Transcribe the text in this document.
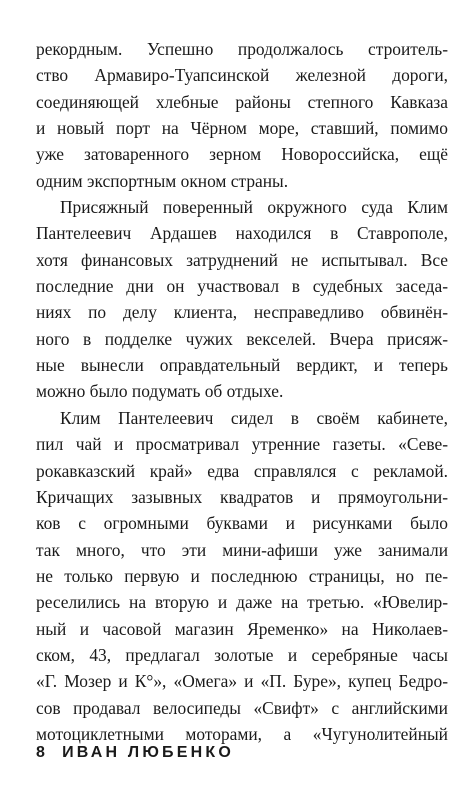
рекордным. Успешно продолжалось строитель-
ство Армавиро-Туапсинской железной дороги,
соединяющей хлебные районы степного Кавказа
и новый порт на Чёрном море, ставший, помимо
уже затоваренного зерном Новороссийска, ещё
одним экспортным окном страны.
Присяжный поверенный окружного суда Клим
Пантелеевич Ардашев находился в Ставрополе,
хотя финансовых затруднений не испытывал. Все
последние дни он участвовал в судебных заседа-
ниях по делу клиента, несправедливо обвинён-
ного в подделке чужих векселей. Вчера присяж-
ные вынесли оправдательный вердикт, и теперь
можно было подумать об отдыхе.
Клим Пантелеевич сидел в своём кабинете,
пил чай и просматривал утренние газеты. «Севе-
рокавказский край» едва справлялся с рекламой.
Кричащих зазывных квадратов и прямоугольни-
ков с огромными буквами и рисунками было
так много, что эти мини-афиши уже занимали
не только первую и последнюю страницы, но пе-
реселились на вторую и даже на третью. «Ювелир-
ный и часовой магазин Яременко» на Николаев-
ском, 43, предлагал золотые и серебряные часы
«Г. Мозер и К°», «Омега» и «П. Буре», купец Бедро-
сов продавал велосипеды «Свифт» с английскими
мотоциклетными моторами, а «Чугунолитейный
8 ИВАН ЛЮБЕНКО
